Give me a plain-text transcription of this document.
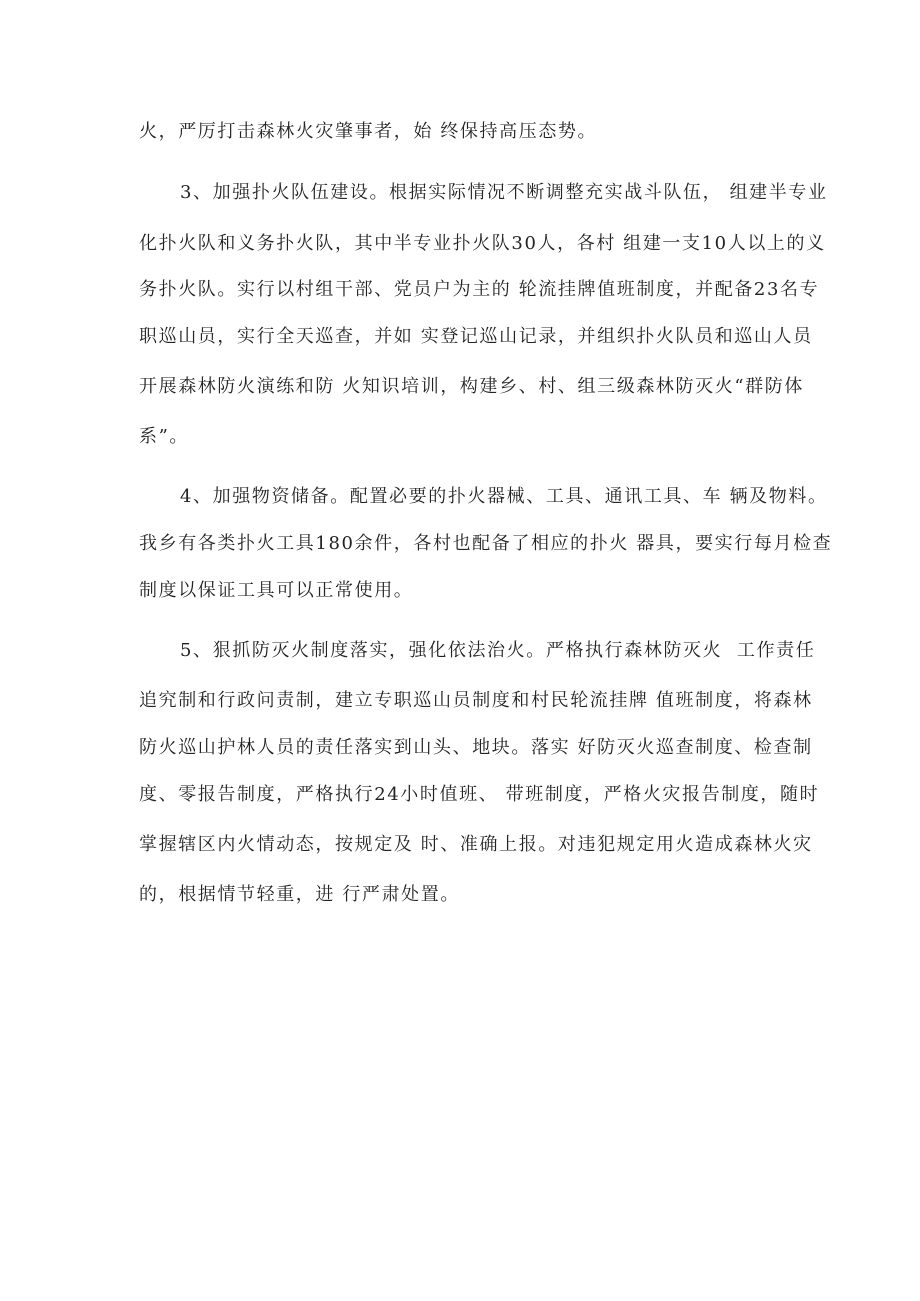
火，严厉打击森林火灾肇事者，始 终保持高压态势。
3、加强扑火队伍建设。根据实际情况不断调整充实战斗队伍， 组建半专业
化扑火队和义务扑火队，其中半专业扑火队30人，各村 组建一支10人以上的义
务扑火队。实行以村组干部、党员户为主的 轮流挂牌值班制度，并配备23名专
职巡山员，实行全天巡查，并如 实登记巡山记录，并组织扑火队员和巡山人员
开展森林防火演练和防 火知识培训，构建乡、村、组三级森林防灭火“群防体
系”。
4、加强物资储备。配置必要的扑火器械、工具、通讯工具、车 辆及物料。
我乡有各类扑火工具180余件，各村也配备了相应的扑火 器具，要实行每月检查
制度以保证工具可以正常使用。
5、狠抓防灭火制度落实，强化依法治火。严格执行森林防灭火  工作责任
追究制和行政问责制，建立专职巡山员制度和村民轮流挂牌 值班制度，将森林
防火巡山护林人员的责任落实到山头、地块。落实 好防灭火巡查制度、检查制
度、零报告制度，严格执行24小时值班、 带班制度，严格火灾报告制度，随时
掌握辖区内火情动态，按规定及 时、准确上报。对违犯规定用火造成森林火灾
的，根据情节轻重，进 行严肃处置。
